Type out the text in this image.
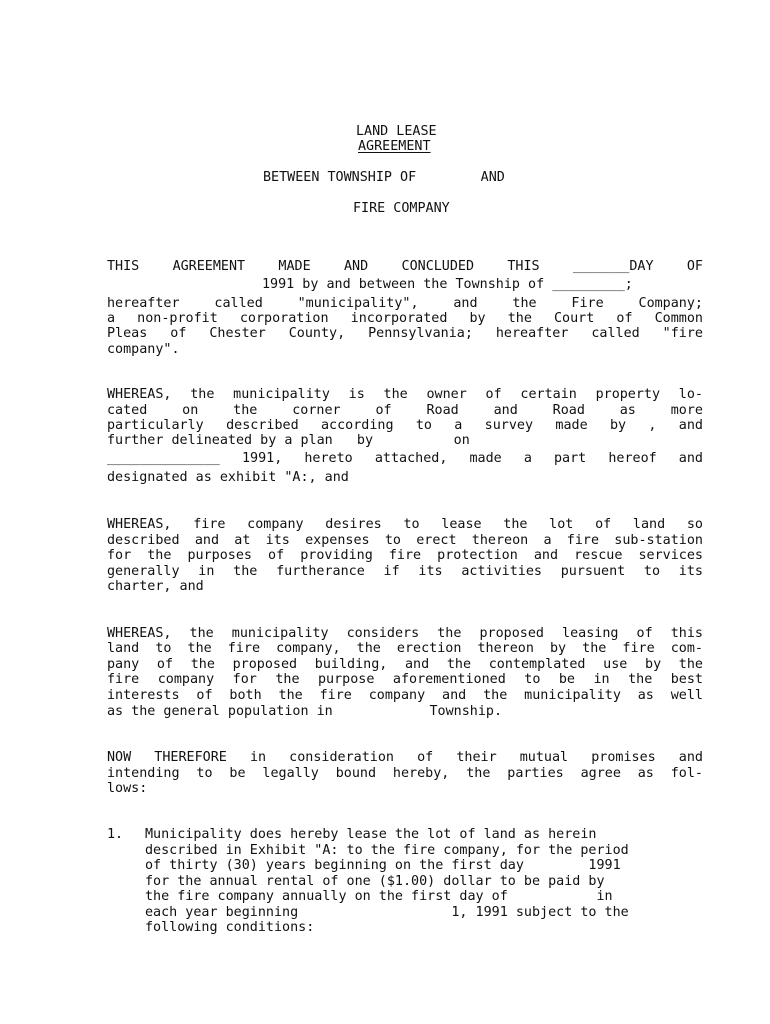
LAND LEASE
AGREEMENT
BETWEEN TOWNSHIP OF        AND
FIRE COMPANY
THIS AGREEMENT MADE AND CONCLUDED THIS _______DAY OF
1991 by and between the Township of _________;
hereafter called "municipality", and the Fire Company;
a non-profit corporation incorporated by the Court of Common
Pleas of Chester County, Pennsylvania; hereafter called "fire
company".
WHEREAS, the municipality is the owner of certain property lo-
cated on the corner of Road and Road as more
particularly described according to a survey made by , and
further delineated by a plan   by          on
______________ 1991, hereto attached, made a part hereof and
designated as exhibit "A:, and
WHEREAS, fire company desires to lease the lot of land so
described and at its expenses to erect thereon a fire sub-station
for the purposes of providing fire protection and rescue services
generally in the furtherance if its activities pursuent to its
charter, and
WHEREAS, the municipality considers the proposed leasing of this
land to the fire company, the erection thereon by the fire com-
pany of the proposed building, and the contemplated use by the
fire company for the purpose aforementioned to be in the best
interests of both the fire company and the municipality as well
as the general population in            Township.
NOW THEREFORE in consideration of their mutual promises and
intending to be legally bound hereby, the parties agree as fol-
lows:
1. Municipality does hereby lease the lot of land as herein
described in Exhibit "A: to the fire company, for the period
of thirty (30) years beginning on the first day        1991
for the annual rental of one ($1.00) dollar to be paid by
the fire company annually on the first day of           in
each year beginning                   1, 1991 subject to the
following conditions:
